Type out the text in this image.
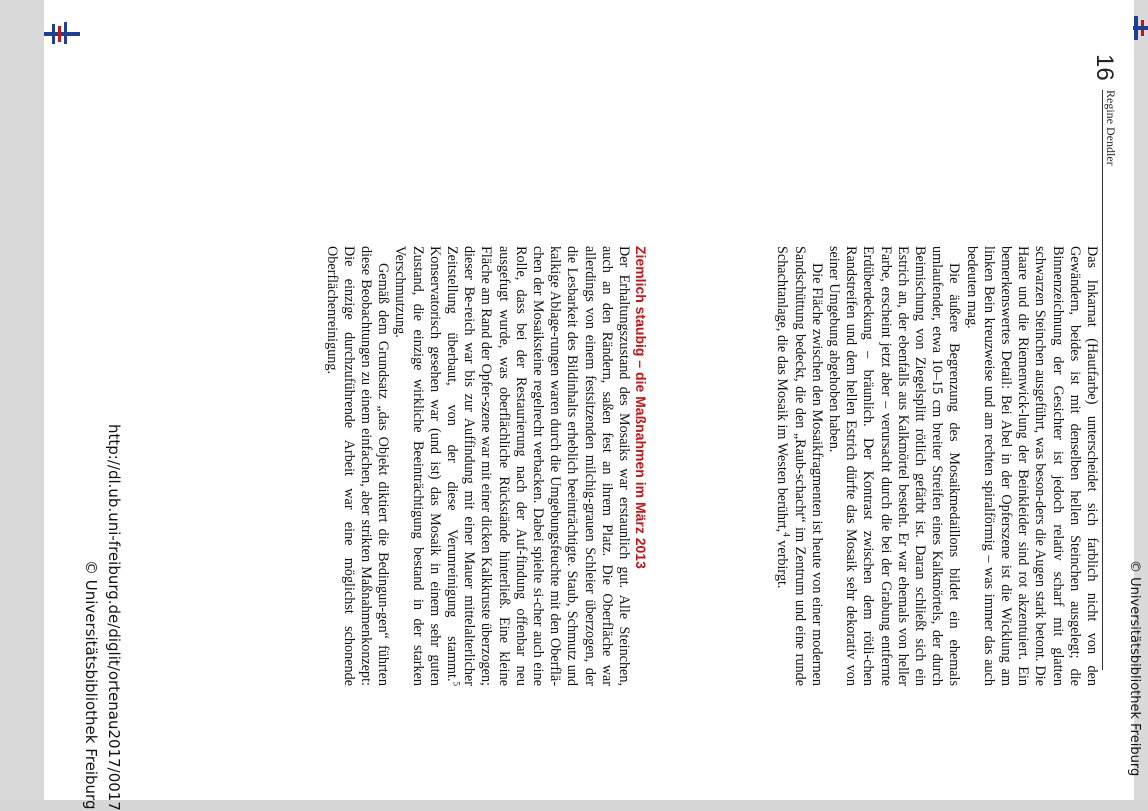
16
Regine Dendler

Das Inkarnat (Hautfarbe) unterscheidet sich farblich nicht von den Gewändern, beides ist mit denselben hellen Steinchen ausgelegt; die Binnenzeichnung der Gesichter ist jedoch relativ scharf mit glatten schwarzen Steinchen ausgeführt, was beson-ders die Augen stark betont. Die Haare und die Riemenwick-lung der Beinkleider sind rot akzentuiert. Ein bemerkenswertes Detail: Bei Abel in der Opferszene ist die Wicklung am linken Bein kreuzweise und am rechten spiralförmig – was immer das auch bedeuten mag.

Die äußere Begrenzung des Mosaikmedaillons bildet ein ehemals umlaufender, etwa 10–15 cm breiter Streifen eines Kalkmörtels, der durch Beimischung von Ziegelsplitt rötlich gefärbt ist. Daran schließt sich ein Estrich an, der ebenfalls aus Kalkmörtel besteht. Er war ehemals von heller Farbe, erscheint jetzt aber – verursacht durch die bei der Grabung entfernte Erdüberdeckung – bräunlich. Der Kontrast zwischen dem rötli-chen Randstreifen und dem hellen Estrich dürfte das Mosaik sehr dekorativ von seiner Umgebung abgehoben haben.

Die Fläche zwischen den Mosaikfragmenten ist heute von einer modernen Sandschüttung bedeckt, die den „Raub-schacht“ im Zentrum und eine runde Schachtanlage, die das Mosaik im Westen berührt,$^4$ verbirgt.

Ziemlich staubig – die Maßnahmen im März 2013

Der Erhaltungszustand des Mosaiks war erstaunlich gut. Alle Steinchen, auch an den Rändern, saßen fest an ihrem Platz. Die Oberfläche war allerdings von einem festsitzenden milchig-grauen Schleier überzogen, der die Lesbarkeit des Bildinhalts erheblich beeinträchtigte. Staub, Schmutz und kalkige Ablage-rungen waren durch die Umgebungsfeuchte mit den Oberflä-chen der Mosaiksteine regelrecht verbacken. Dabei spielte si-cher auch eine Rolle, dass bei der Restaurierung nach der Auf-findung offenbar neu ausgefugt wurde, was oberflächliche Rückstände hinterließ. Eine kleine Fläche am Rand der Opfer-szene war mit einer dicken Kalkkruste überzogen; dieser Be-reich war bis zur Auffindung mit einer Mauer mittelalterlicher Zeitstellung überbaut, von der diese Verunreinigung stammt.$^5$ Konservatorisch gesehen war (und ist) das Mosaik in einem sehr guten Zustand, die einzige wirkliche Beeinträchtigung bestand in der starken Verschmutzung.

Gemäß dem Grundsatz „das Objekt diktiert die Bedingun-gen“ führten diese Beobachtungen zu einem einfachen, aber strikten Maßnahmenkonzept: Die einzige durchzuführende Arbeit war eine möglichst schonende Oberflächenreinigung.

© Universitätsbibliothek Freiburg
http://dl.ub.uni-freiburg.de/diglit/ortenau2017/0017
© Universitätsbibliothek Freiburg
